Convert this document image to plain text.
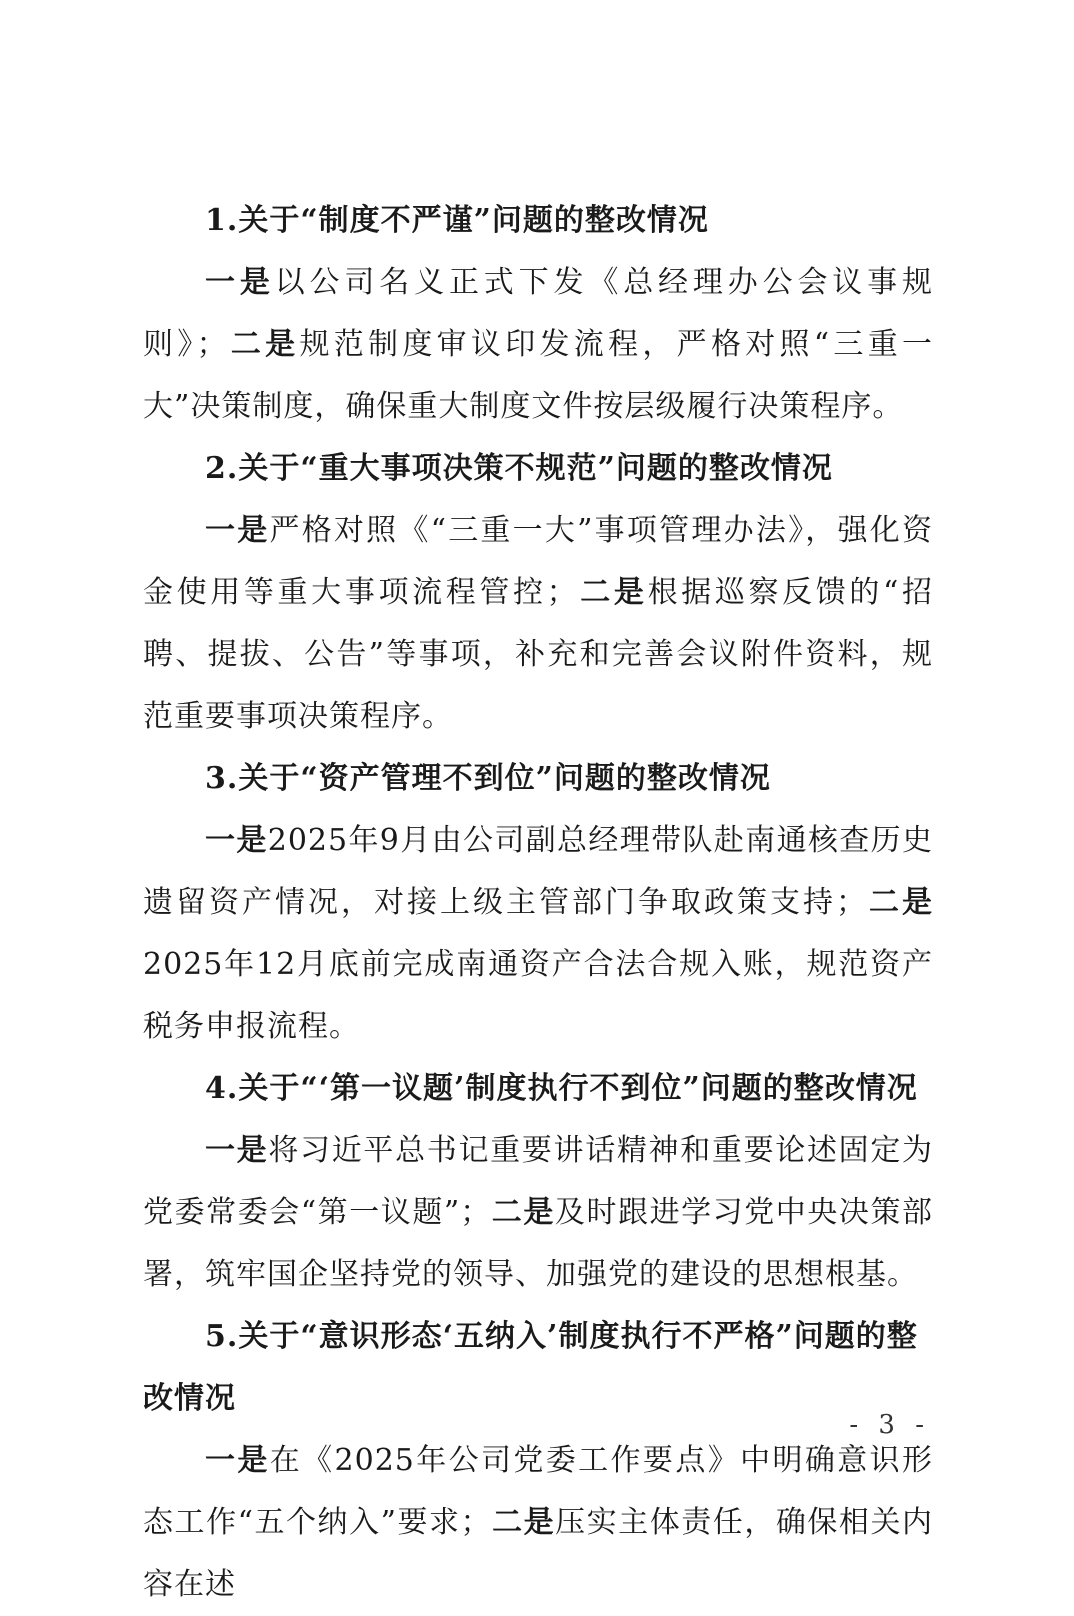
1.关于“制度不严谨”问题的整改情况

一是以公司名义正式下发《总经理办公会议事规则》；二是规范制度审议印发流程，严格对照“三重一大”决策制度，确保重大制度文件按层级履行决策程序。

2.关于“重大事项决策不规范”问题的整改情况

一是严格对照《“三重一大”事项管理办法》，强化资金使用等重大事项流程管控；二是根据巡察反馈的“招聘、提拔、公告”等事项，补充和完善会议附件资料，规范重要事项决策程序。

3.关于“资产管理不到位”问题的整改情况

一是2025年9月由公司副总经理带队赴南通核查历史遗留资产情况，对接上级主管部门争取政策支持；二是2025年12月底前完成南通资产合法合规入账，规范资产税务申报流程。

4.关于“‘第一议题’制度执行不到位”问题的整改情况

一是将习近平总书记重要讲话精神和重要论述固定为党委常委会“第一议题”；二是及时跟进学习党中央决策部署，筑牢国企坚持党的领导、加强党的建设的思想根基。

5.关于“意识形态‘五纳入’制度执行不严格”问题的整改情况

一是在《2025年公司党委工作要点》中明确意识形态工作“五个纳入”要求；二是压实主体责任，确保相关内容在述

- 3 -
